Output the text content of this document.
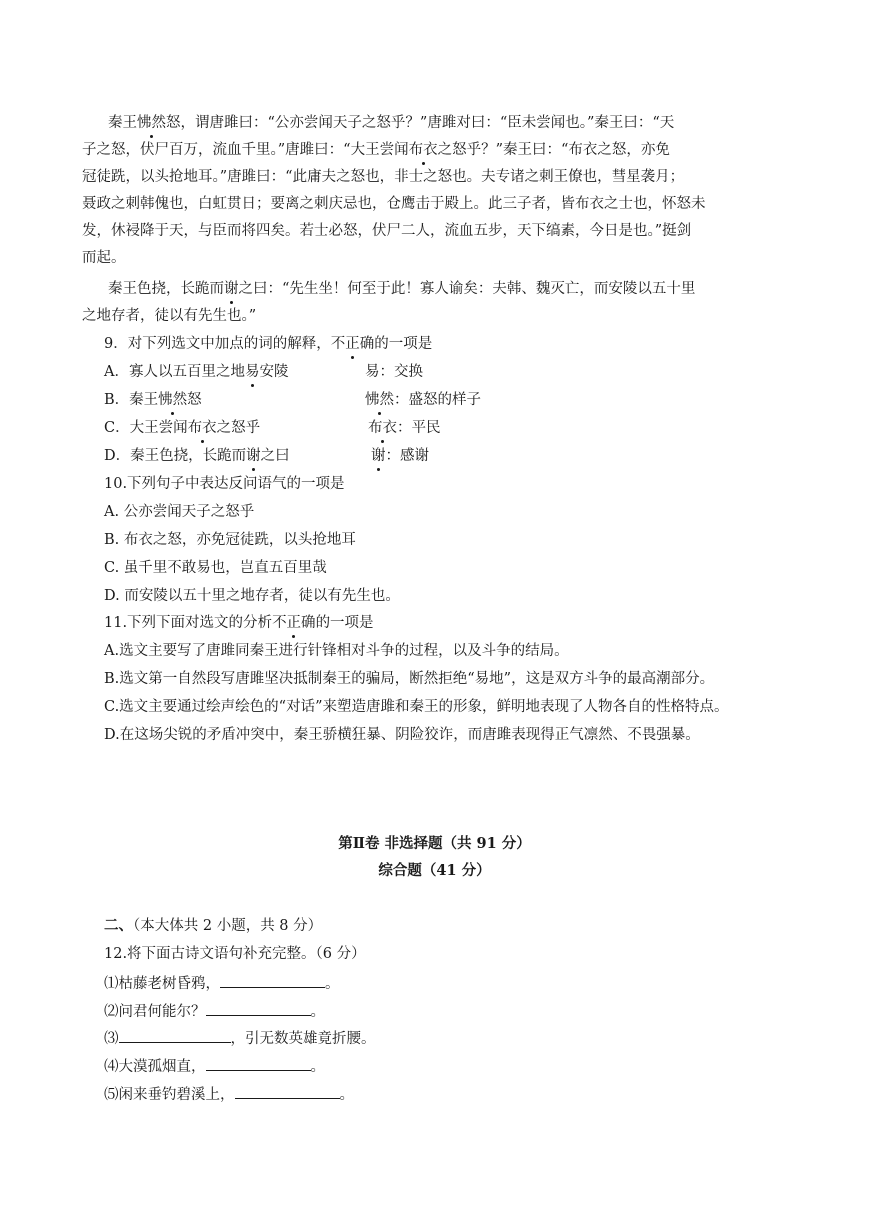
秦王怫然怒，谓唐雎曰：“公亦尝闻天子之怒乎？”唐雎对曰：“臣未尝闻也。”秦王曰：“天
子之怒，伏尸百万，流血千里。”唐雎曰：“大王尝闻布衣之怒乎？”秦王曰：“布衣之怒，亦免
冠徒跣，以头抢地耳。”唐雎曰：“此庸夫之怒也，非士之怒也。夫专诸之刺王僚也，彗星袭月；
聂政之刺韩傀也，白虹贯日；要离之刺庆忌也，仓鹰击于殿上。此三子者，皆布衣之士也，怀怒未
发，休祲降于天，与臣而将四矣。若士必怒，伏尸二人，流血五步，天下缟素，今日是也。”挺剑
而起。
秦王色挠，长跪而谢之曰：“先生坐！何至于此！寡人谕矣：夫韩、魏灭亡，而安陵以五十里
之地存者，徒以有先生也。”
9．对下列选文中加点的词的解释，不正确的一项是
A．寡人以五百里之地易安陵	易：交换
B．秦王怫然怒	怫然：盛怒的样子
C．大王尝闻布衣之怒乎	布衣：平民
D．秦王色挠，长跪而谢之曰	谢：感谢
10.下列句子中表达反问语气的一项是
A. 公亦尝闻天子之怒乎
B. 布衣之怒，亦免冠徒跣，以头抢地耳
C. 虽千里不敢易也，岂直五百里哉
D. 而安陵以五十里之地存者，徒以有先生也。
11.下列下面对选文的分析不正确的一项是
A.选文主要写了唐雎同秦王进行针锋相对斗争的过程，以及斗争的结局。
B.选文第一自然段写唐雎坚决抵制秦王的骗局，断然拒绝“易地”，这是双方斗争的最高潮部分。
C.选文主要通过绘声绘色的“对话”来塑造唐雎和秦王的形象，鲜明地表现了人物各自的性格特点。
D.在这场尖锐的矛盾冲突中，秦王骄横狂暴、阴险狡诈，而唐雎表现得正气凛然、不畏强暴。
第Ⅱ卷 非选择题（共 91 分）
综合题（41 分）
二、（本大体共 2 小题，共 8 分）
12.将下面古诗文语句补充完整。（6 分）
⑴枯藤老树昏鸦，	。
⑵问君何能尔？	。
⑶	，引无数英雄竟折腰。
⑷大漠孤烟直，	。
⑸闲来垂钓碧溪上，	。
